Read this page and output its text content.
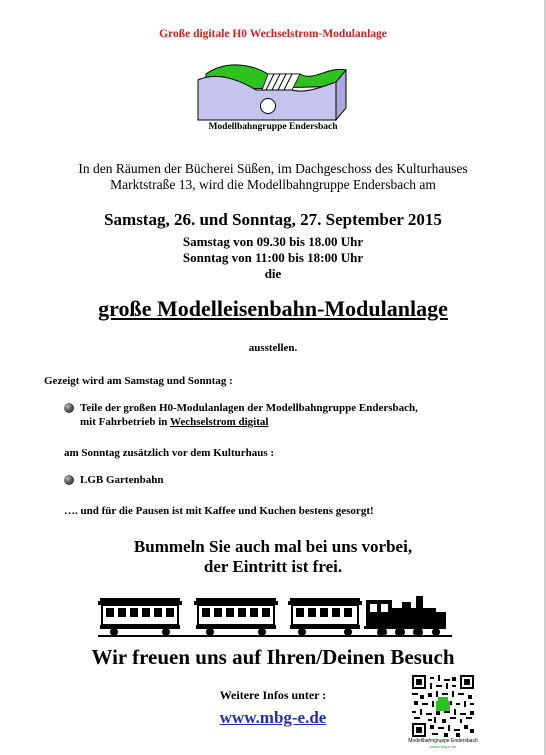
Große digitale H0 Wechselstrom-Modulanlage
Modellbahngruppe Endersbach
In den Räumen der Bücherei Süßen, im Dachgeschoss des Kulturhauses
Marktstraße 13, wird die Modellbahngruppe Endersbach am
Samstag, 26. und Sonntag, 27. September 2015
Samstag von 09.30 bis 18.00 Uhr
Sonntag von 11:00 bis 18:00 Uhr
die
große Modelleisenbahn-Modulanlage
ausstellen.
Gezeigt wird am Samstag und Sonntag :
Teile der großen H0-Modulanlagen der Modellbahngruppe Endersbach,
mit Fahrbetrieb in Wechselstrom digital
am Sonntag zusätzlich vor dem Kulturhaus :
LGB Gartenbahn
…. und für die Pausen ist mit Kaffee und Kuchen bestens gesorgt!
Bummeln Sie auch mal bei uns vorbei,
der Eintritt ist frei.
Wir freuen uns auf Ihren/Deinen Besuch
Weitere Infos unter :
www.mbg-e.de
Modellbahngruppe Endersbach
www.mbg-e.de
